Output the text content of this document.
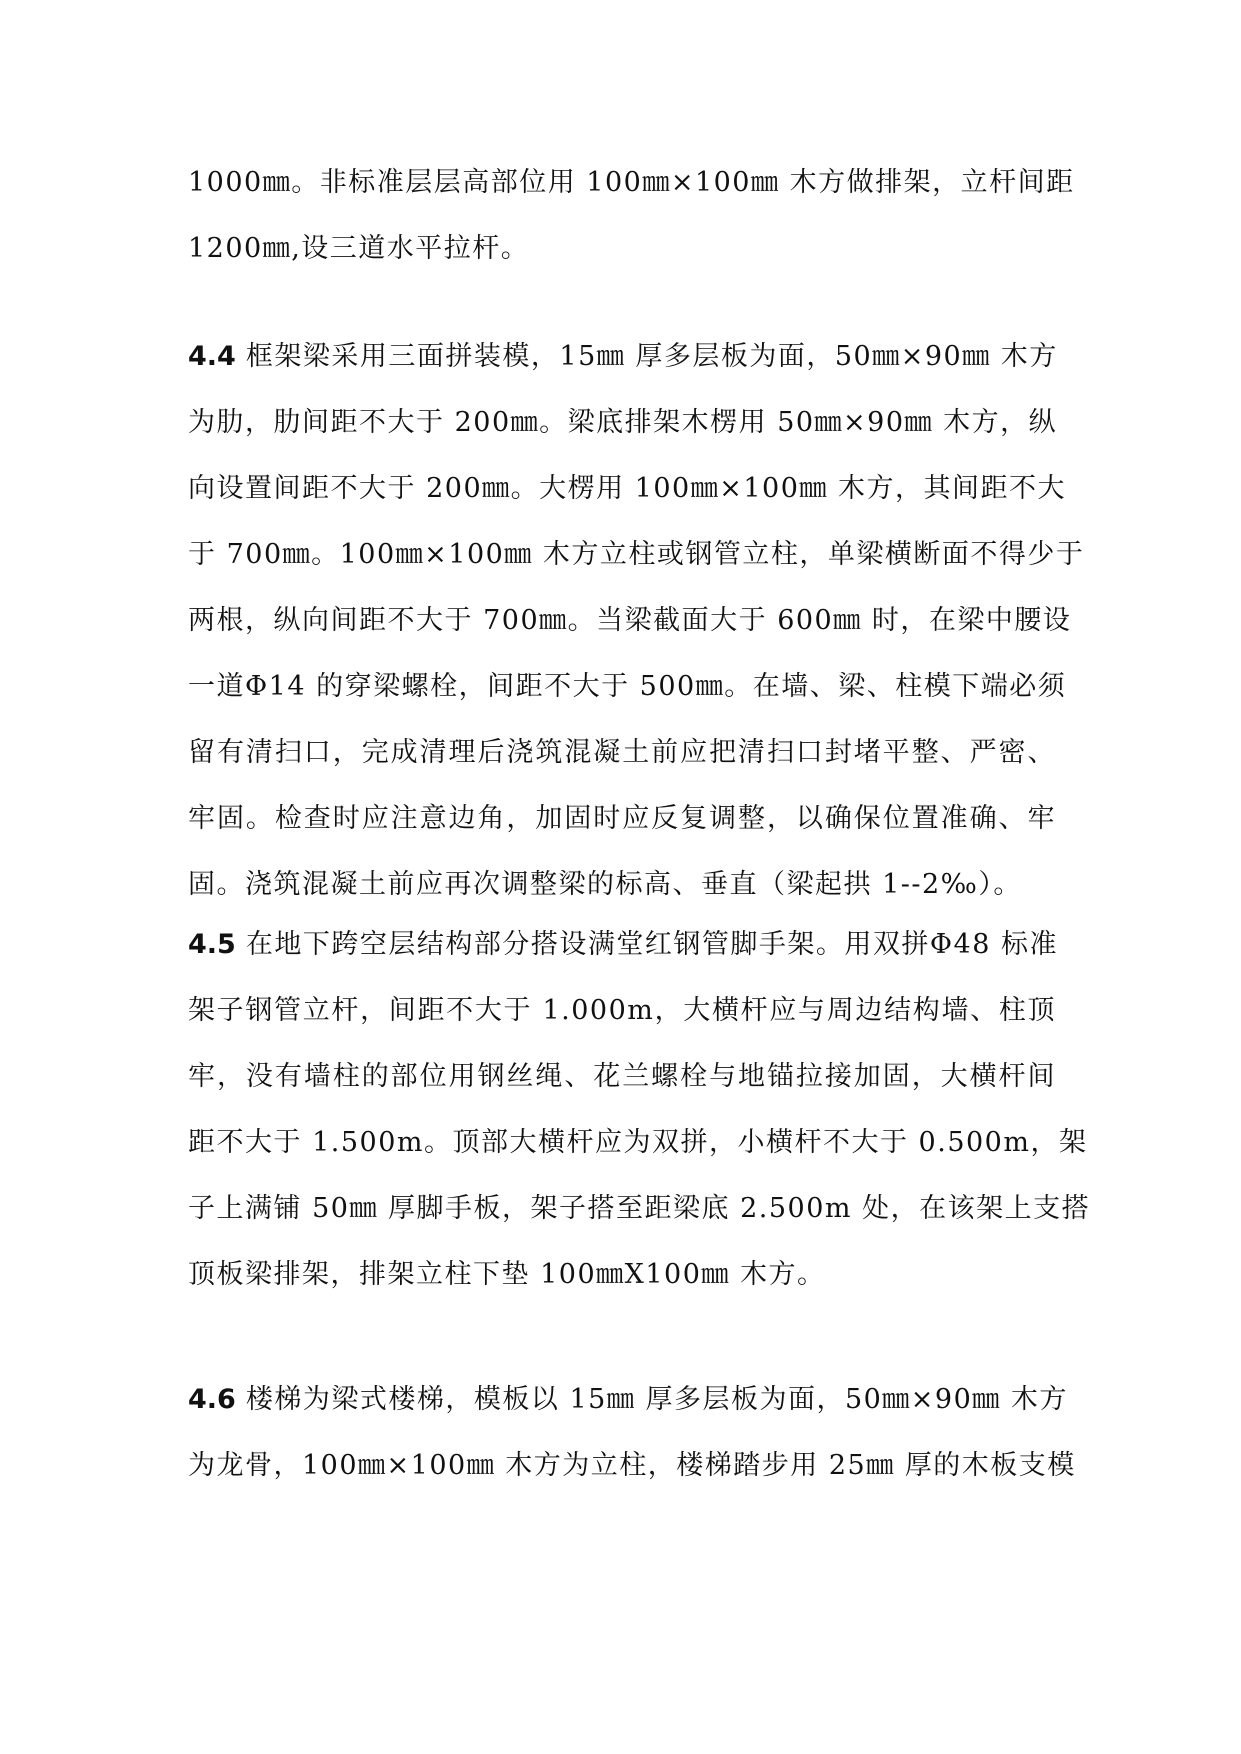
1000㎜。非标准层层高部位用 100㎜×100㎜ 木方做排架，立杆间距
1200㎜,设三道水平拉杆。
4.4 框架梁采用三面拼装模，15㎜ 厚多层板为面，50㎜×90㎜ 木方
为肋，肋间距不大于 200㎜。梁底排架木楞用 50㎜×90㎜ 木方，纵
向设置间距不大于 200㎜。大楞用 100㎜×100㎜ 木方，其间距不大
于 700㎜。100㎜×100㎜ 木方立柱或钢管立柱，单梁横断面不得少于
两根，纵向间距不大于 700㎜。当梁截面大于 600㎜ 时，在梁中腰设
一道Φ14 的穿梁螺栓，间距不大于 500㎜。在墙、梁、柱模下端必须
留有清扫口，完成清理后浇筑混凝土前应把清扫口封堵平整、严密、
牢固。检查时应注意边角，加固时应反复调整，以确保位置准确、牢
固。浇筑混凝土前应再次调整梁的标高、垂直（梁起拱 1--2‰）。
4.5 在地下跨空层结构部分搭设满堂红钢管脚手架。用双拼Φ48 标准
架子钢管立杆，间距不大于 1.000m，大横杆应与周边结构墙、柱顶
牢，没有墙柱的部位用钢丝绳、花兰螺栓与地锚拉接加固，大横杆间
距不大于 1.500m。顶部大横杆应为双拼，小横杆不大于 0.500m，架
子上满铺 50㎜ 厚脚手板，架子搭至距梁底 2.500m 处，在该架上支搭
顶板梁排架，排架立柱下垫 100㎜X100㎜ 木方。
4.6 楼梯为梁式楼梯，模板以 15㎜ 厚多层板为面，50㎜×90㎜ 木方
为龙骨，100㎜×100㎜ 木方为立柱，楼梯踏步用 25㎜ 厚的木板支模
